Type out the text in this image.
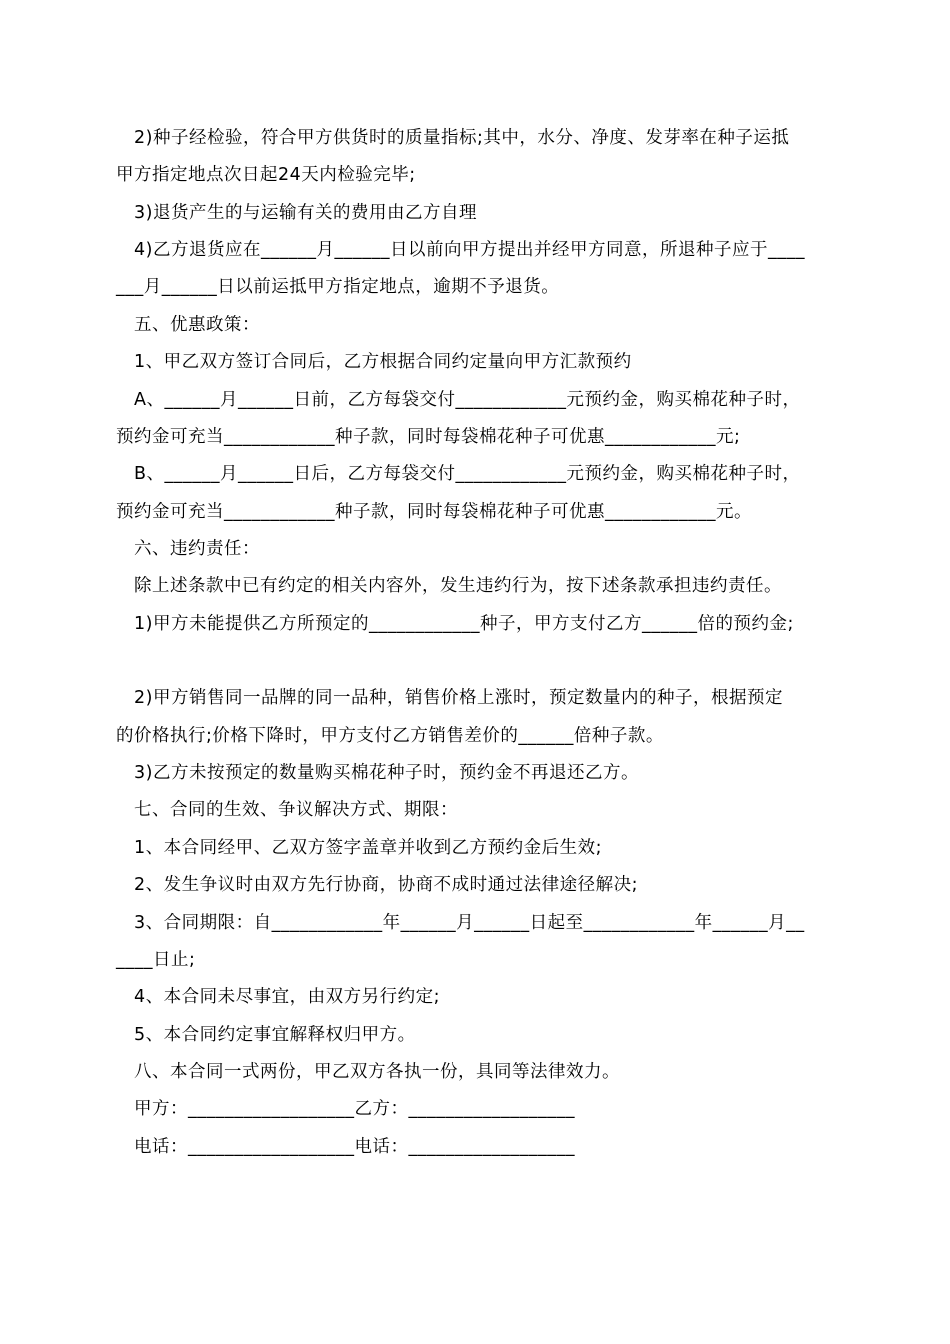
2)种子经检验，符合甲方供货时的质量指标;其中，水分、净度、发芽率在种子运抵
甲方指定地点次日起24天内检验完毕;
3)退货产生的与运输有关的费用由乙方自理
4)乙方退货应在______月______日以前向甲方提出并经甲方同意，所退种子应于____
___月______日以前运抵甲方指定地点，逾期不予退货。
五、优惠政策：
1、甲乙双方签订合同后，乙方根据合同约定量向甲方汇款预约
A、______月______日前，乙方每袋交付____________元预约金，购买棉花种子时，
预约金可充当____________种子款，同时每袋棉花种子可优惠____________元;
B、______月______日后，乙方每袋交付____________元预约金，购买棉花种子时，
预约金可充当____________种子款，同时每袋棉花种子可优惠____________元。
六、违约责任：
除上述条款中已有约定的相关内容外，发生违约行为，按下述条款承担违约责任。
1)甲方未能提供乙方所预定的____________种子，甲方支付乙方______倍的预约金;
2)甲方销售同一品牌的同一品种，销售价格上涨时，预定数量内的种子，根据预定
的价格执行;价格下降时，甲方支付乙方销售差价的______倍种子款。
3)乙方未按预定的数量购买棉花种子时，预约金不再退还乙方。
七、合同的生效、争议解决方式、期限：
1、本合同经甲、乙双方签字盖章并收到乙方预约金后生效;
2、发生争议时由双方先行协商，协商不成时通过法律途径解决;
3、合同期限：自____________年______月______日起至____________年______月__
____日止;
4、本合同未尽事宜，由双方另行约定;
5、本合同约定事宜解释权归甲方。
八、本合同一式两份，甲乙双方各执一份，具同等法律效力。
甲方：__________________乙方：__________________
电话：__________________电话：__________________
